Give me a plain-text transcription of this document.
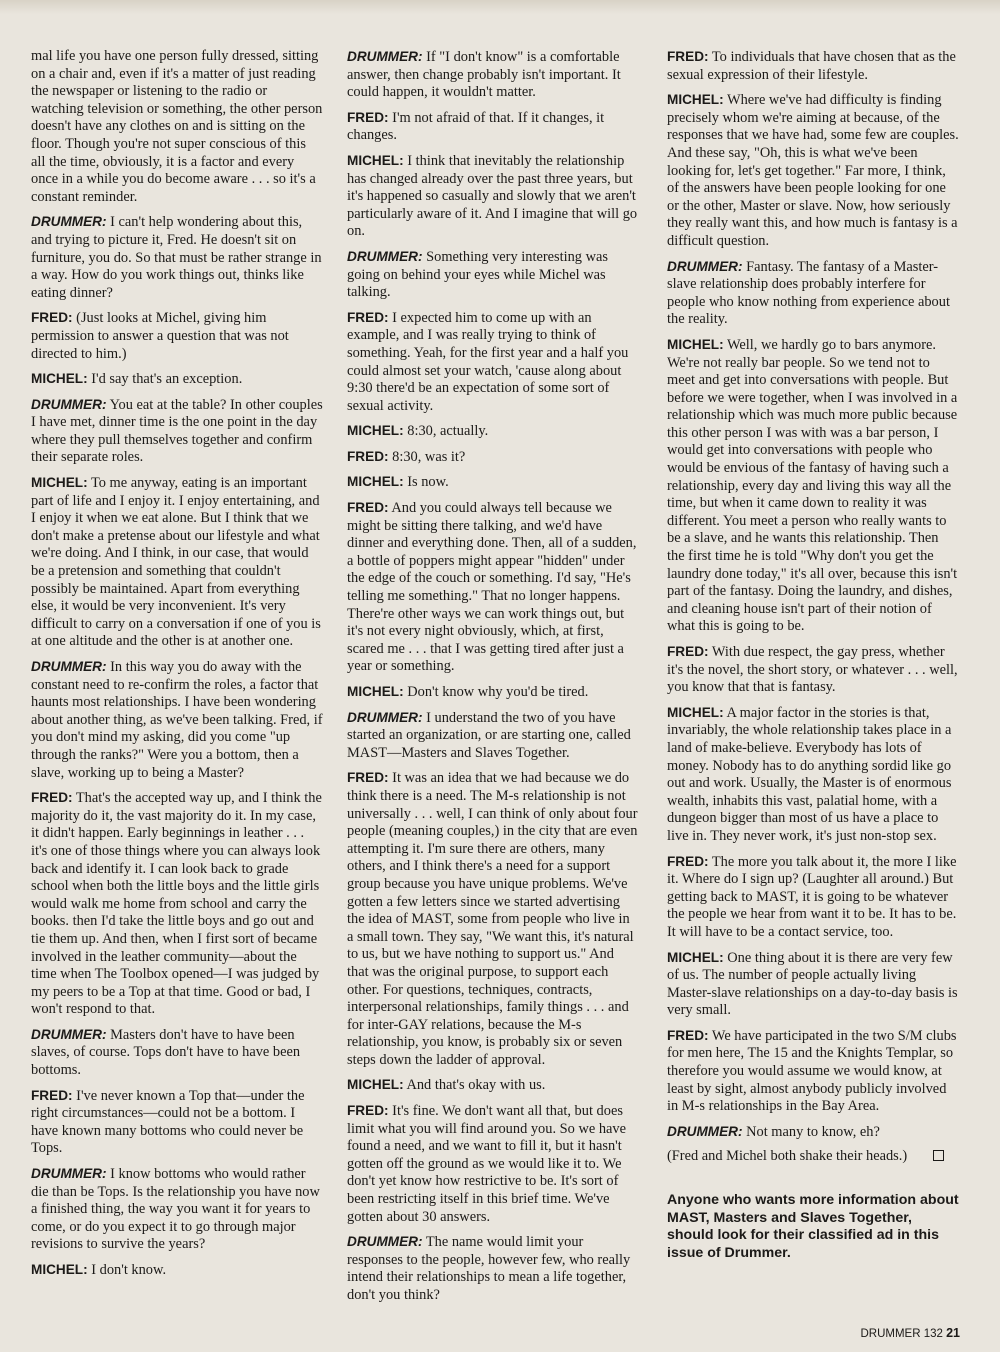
mal life you have one person fully dressed, sitting on a chair and, even if it's a matter of just reading the newspaper or listening to the radio or watching television or something, the other person doesn't have any clothes on and is sitting on the floor. Though you're not super conscious of this all the time, obviously, it is a factor and every once in a while you do become aware . . . so it's a constant reminder.

DRUMMER: I can't help wondering about this, and trying to picture it, Fred. He doesn't sit on furniture, you do. So that must be rather strange in a way. How do you work things out, thinks like eating dinner?

FRED: (Just looks at Michel, giving him permission to answer a question that was not directed to him.)

MICHEL: I'd say that's an exception.

DRUMMER: You eat at the table? In other couples I have met, dinner time is the one point in the day where they pull themselves together and confirm their separate roles.

MICHEL: To me anyway, eating is an important part of life and I enjoy it. I enjoy entertaining, and I enjoy it when we eat alone. But I think that we don't make a pretense about our lifestyle and what we're doing. And I think, in our case, that would be a pretension and something that couldn't possibly be maintained. Apart from everything else, it would be very inconvenient. It's very difficult to carry on a conversation if one of you is at one altitude and the other is at another one.

DRUMMER: In this way you do away with the constant need to re-confirm the roles, a factor that haunts most relationships. I have been wondering about another thing, as we've been talking. Fred, if you don't mind my asking, did you come "up through the ranks?" Were you a bottom, then a slave, working up to being a Master?

FRED: That's the accepted way up, and I think the majority do it, the vast majority do it. In my case, it didn't happen. Early beginnings in leather . . . it's one of those things where you can always look back and identify it. I can look back to grade school when both the little boys and the little girls would walk me home from school and carry the books. then I'd take the little boys and go out and tie them up. And then, when I first sort of became involved in the leather community—about the time when The Toolbox opened—I was judged by my peers to be a Top at that time. Good or bad, I won't respond to that.

DRUMMER: Masters don't have to have been slaves, of course. Tops don't have to have been bottoms.

FRED: I've never known a Top that—under the right circumstances—could not be a bottom. I have known many bottoms who could never be Tops.

DRUMMER: I know bottoms who would rather die than be Tops. Is the relationship you have now a finished thing, the way you want it for years to come, or do you expect it to go through major revisions to survive the years?

MICHEL: I don't know.

DRUMMER: If "I don't know" is a comfortable answer, then change probably isn't important. It could happen, it wouldn't matter.

FRED: I'm not afraid of that. If it changes, it changes.

MICHEL: I think that inevitably the relationship has changed already over the past three years, but it's happened so casually and slowly that we aren't particularly aware of it. And I imagine that will go on.

DRUMMER: Something very interesting was going on behind your eyes while Michel was talking.

FRED: I expected him to come up with an example, and I was really trying to think of something. Yeah, for the first year and a half you could almost set your watch, 'cause along about 9:30 there'd be an expectation of some sort of sexual activity.

MICHEL: 8:30, actually.

FRED: 8:30, was it?

MICHEL: Is now.

FRED: And you could always tell because we might be sitting there talking, and we'd have dinner and everything done. Then, all of a sudden, a bottle of poppers might appear "hidden" under the edge of the couch or something. I'd say, "He's telling me something." That no longer happens. There're other ways we can work things out, but it's not every night obviously, which, at first, scared me . . . that I was getting tired after just a year or something.

MICHEL: Don't know why you'd be tired.

DRUMMER: I understand the two of you have started an organization, or are starting one, called MAST—Masters and Slaves Together.

FRED: It was an idea that we had because we do think there is a need. The M-s relationship is not universally . . . well, I can think of only about four people (meaning couples,) in the city that are even attempting it. I'm sure there are others, many others, and I think there's a need for a support group because you have unique problems. We've gotten a few letters since we started advertising the idea of MAST, some from people who live in a small town. They say, "We want this, it's natural to us, but we have nothing to support us." And that was the original purpose, to support each other. For questions, techniques, contracts, interpersonal relationships, family things . . . and for inter-GAY relations, because the M-s relationship, you know, is probably six or seven steps down the ladder of approval.

MICHEL: And that's okay with us.

FRED: It's fine. We don't want all that, but does limit what you will find around you. So we have found a need, and we want to fill it, but it hasn't gotten off the ground as we would like it to. We don't yet know how restrictive to be. It's sort of been restricting itself in this brief time. We've gotten about 30 answers.

DRUMMER: The name would limit your responses to the people, however few, who really intend their relationships to mean a life together, don't you think?

FRED: To individuals that have chosen that as the sexual expression of their lifestyle.

MICHEL: Where we've had difficulty is finding precisely whom we're aiming at because, of the responses that we have had, some few are couples. And these say, "Oh, this is what we've been looking for, let's get together." Far more, I think, of the answers have been people looking for one or the other, Master or slave. Now, how seriously they really want this, and how much is fantasy is a difficult question.

DRUMMER: Fantasy. The fantasy of a Master-slave relationship does probably interfere for people who know nothing from experience about the reality.

MICHEL: Well, we hardly go to bars anymore. We're not really bar people. So we tend not to meet and get into conversations with people. But before we were together, when I was involved in a relationship which was much more public because this other person I was with was a bar person, I would get into conversations with people who would be envious of the fantasy of having such a relationship, every day and living this way all the time, but when it came down to reality it was different. You meet a person who really wants to be a slave, and he wants this relationship. Then the first time he is told "Why don't you get the laundry done today," it's all over, because this isn't part of the fantasy. Doing the laundry, and dishes, and cleaning house isn't part of their notion of what this is going to be.

FRED: With due respect, the gay press, whether it's the novel, the short story, or whatever . . . well, you know that that is fantasy.

MICHEL: A major factor in the stories is that, invariably, the whole relationship takes place in a land of make-believe. Everybody has lots of money. Nobody has to do anything sordid like go out and work. Usually, the Master is of enormous wealth, inhabits this vast, palatial home, with a dungeon bigger than most of us have a place to live in. They never work, it's just non-stop sex.

FRED: The more you talk about it, the more I like it. Where do I sign up? (Laughter all around.) But getting back to MAST, it is going to be whatever the people we hear from want it to be. It has to be. It will have to be a contact service, too.

MICHEL: One thing about it is there are very few of us. The number of people actually living Master-slave relationships on a day-to-day basis is very small.

FRED: We have participated in the two S/M clubs for men here, The 15 and the Knights Templar, so therefore you would assume we would know, at least by sight, almost anybody publicly involved in M-s relationships in the Bay Area.

DRUMMER: Not many to know, eh?

(Fred and Michel both shake their heads.)

Anyone who wants more information about MAST, Masters and Slaves Together, should look for their classified ad in this issue of Drummer.
DRUMMER 132 21
